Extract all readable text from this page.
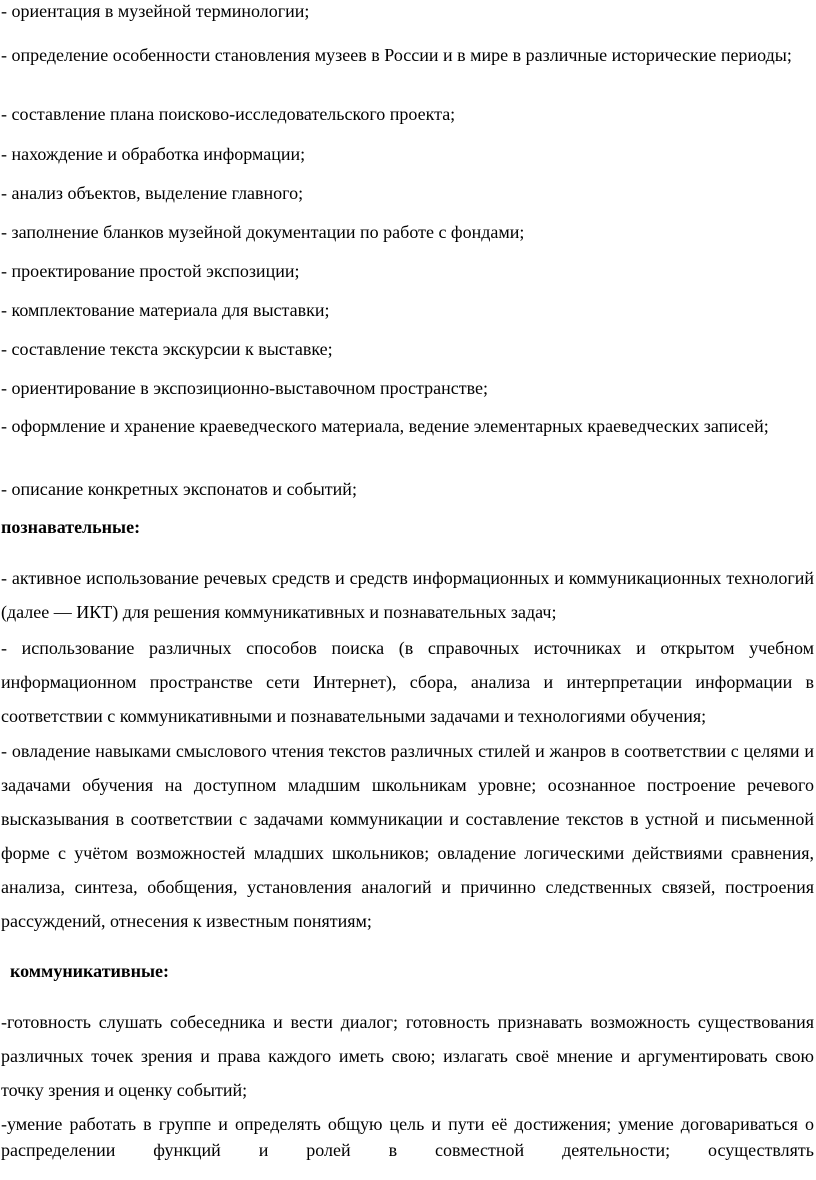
- ориентация в музейной терминологии;

- определение особенности становления музеев в России и в мире в различные исторические периоды;

- составление плана поисково-исследовательского проекта;

- нахождение и обработка информации;

- анализ объектов, выделение главного;

- заполнение бланков музейной документации по работе с фондами;

- проектирование простой экспозиции;

- комплектование материала для выставки;

- составление текста экскурсии к выставке;

- ориентирование в экспозиционно-выставочном пространстве;

- оформление и хранение краеведческого материала, ведение элементарных краеведческих записей;

- описание конкретных экспонатов и событий;

познавательные:

- активное использование речевых средств и средств информационных и коммуникационных технологий (далее — ИКТ) для решения коммуникативных и познавательных задач;

- использование различных способов поиска (в справочных источниках и открытом учебном информационном пространстве сети Интернет), сбора, анализа и интерпретации информации в соответствии с коммуникативными и познавательными задачами и технологиями обучения;

- овладение навыками смыслового чтения текстов различных стилей и жанров в соответствии с целями и задачами обучения на доступном младшим школьникам уровне; осознанное построение речевого высказывания в соответствии с задачами коммуникации и составление текстов в устной и письменной форме с учётом возможностей младших школьников; овладение логическими действиями сравнения, анализа, синтеза, обобщения, установления аналогий и причинно следственных связей, построения рассуждений, отнесения к известным понятиям;

коммуникативные:

-готовность слушать собеседника и вести диалог; готовность признавать возможность существования различных точек зрения и права каждого иметь свою; излагать своё мнение и аргументировать свою точку зрения и оценку событий;

-умение работать в группе и определять общую цель и пути её достижения; умение договариваться о распределении функций и ролей в совместной деятельности; осуществлять
